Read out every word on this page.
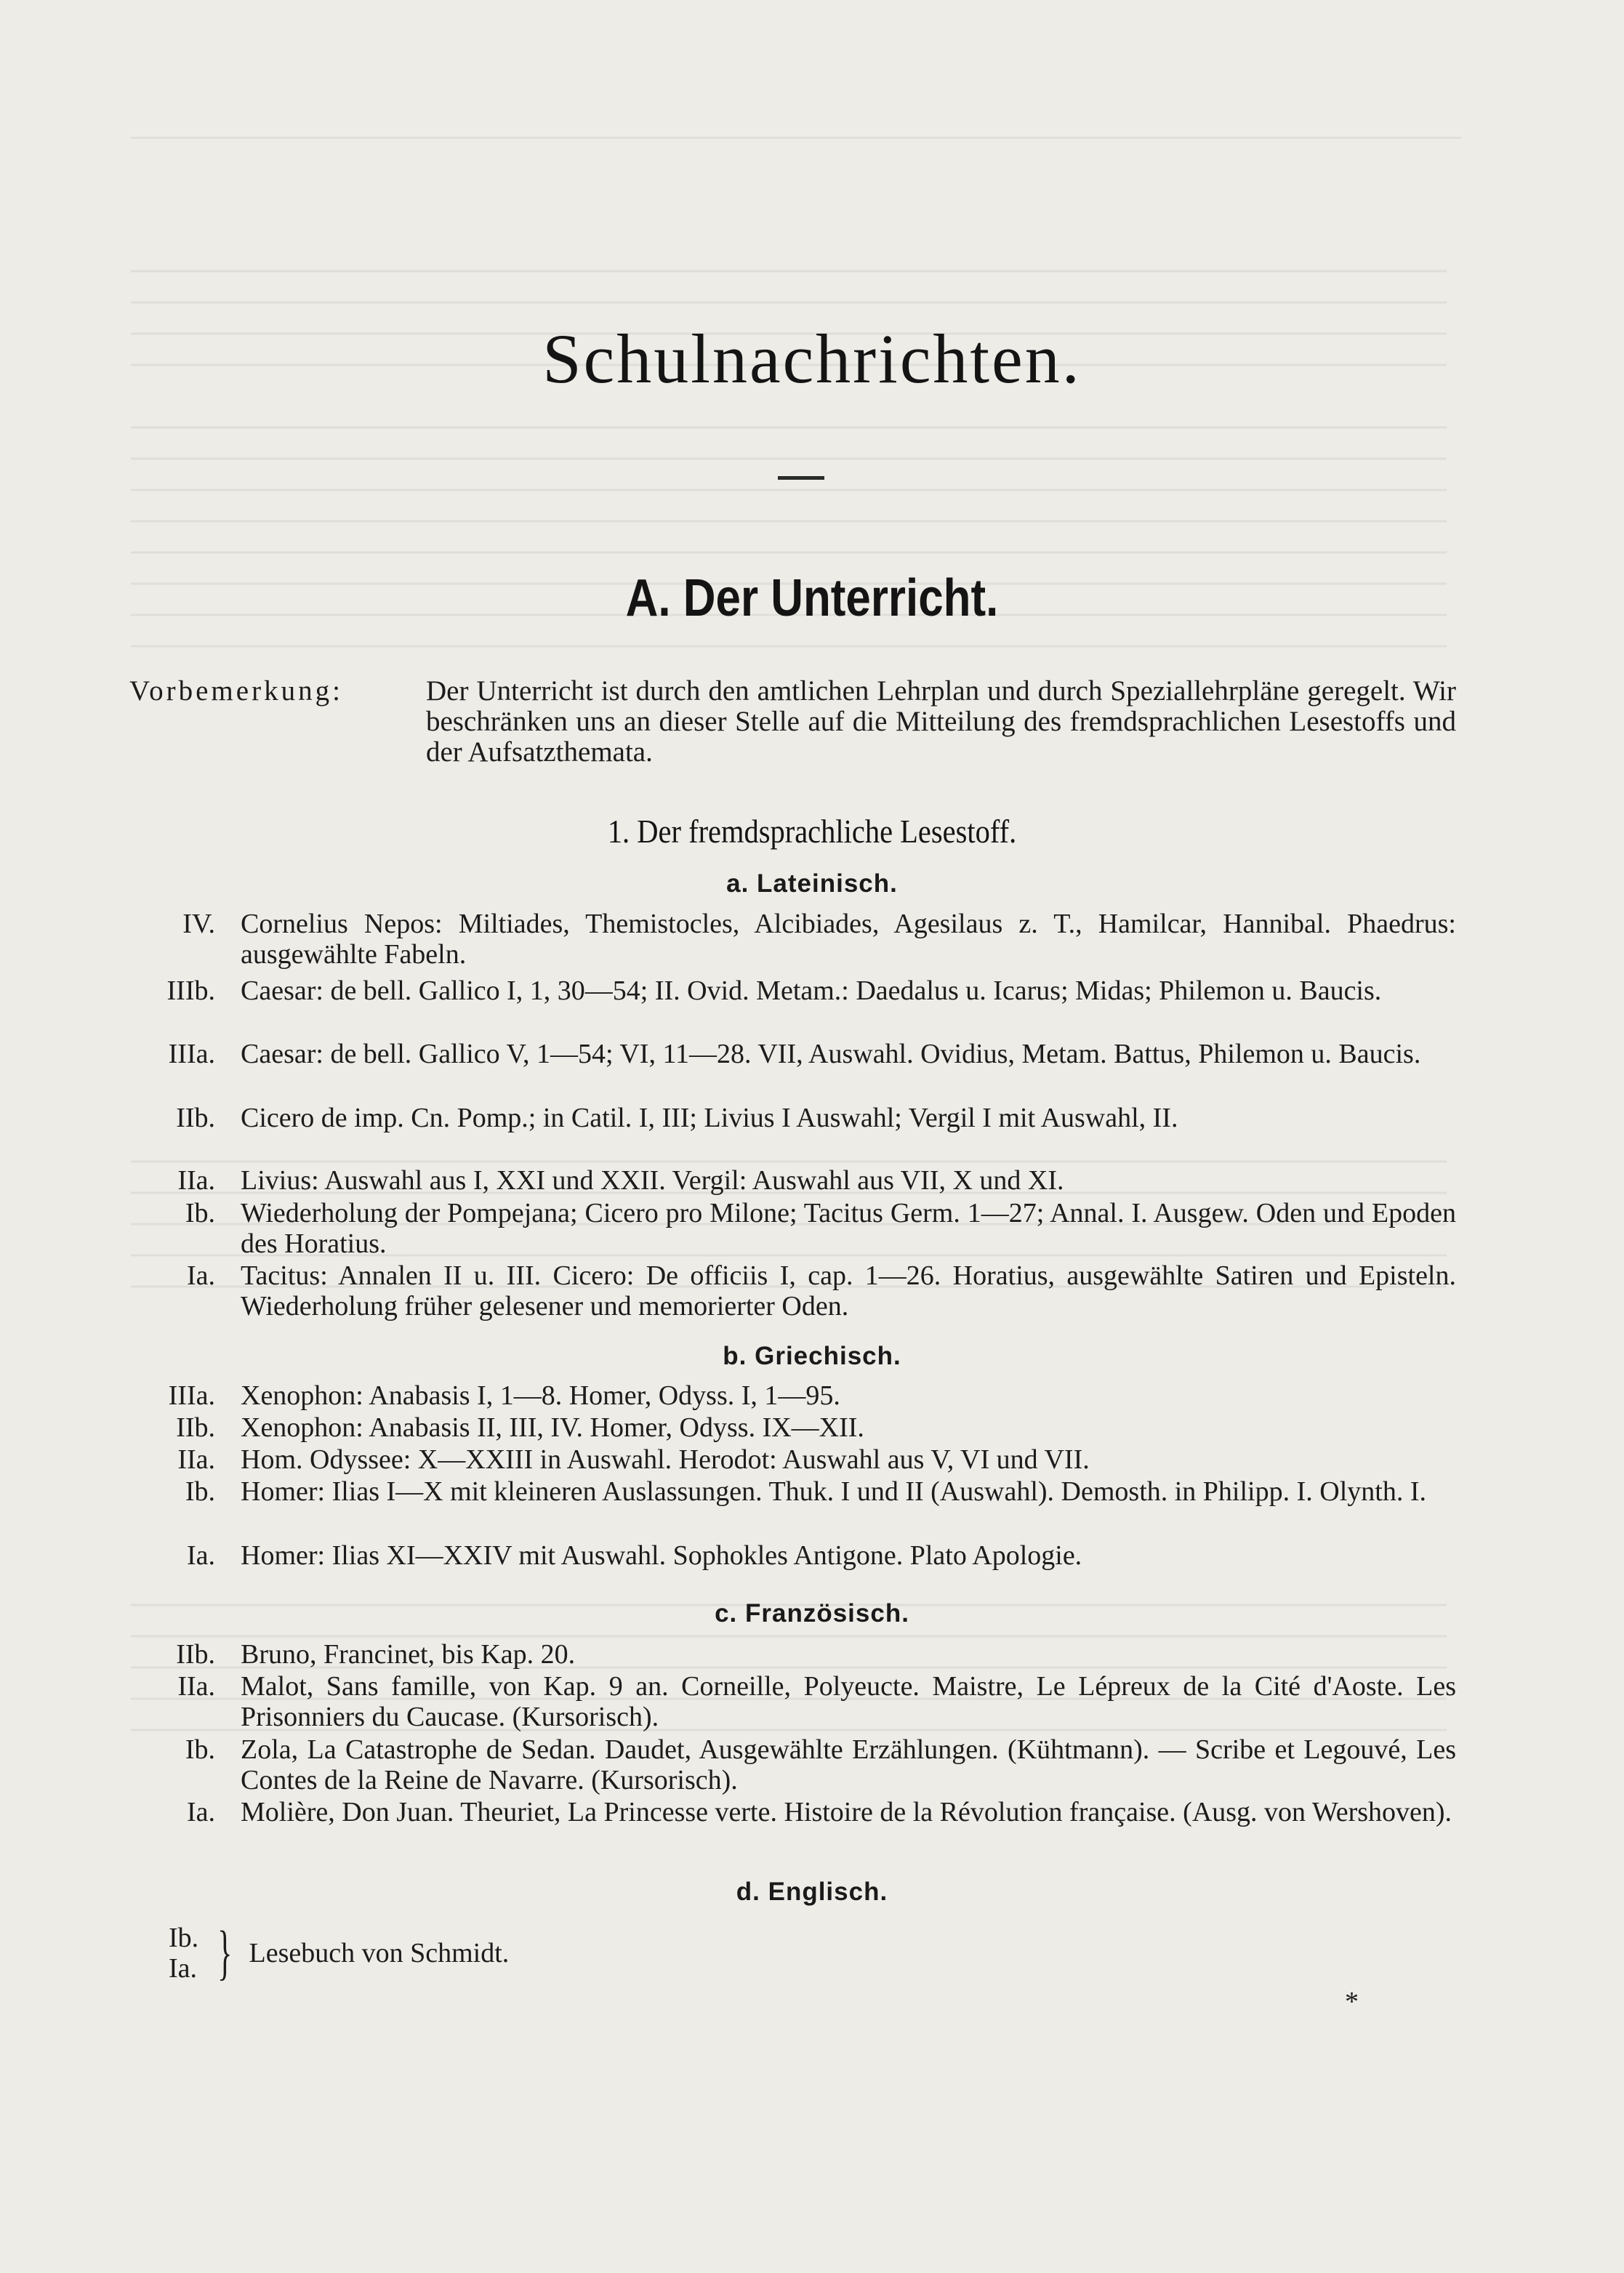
Schulnachrichten.
A. Der Unterricht.
Vorbemerkung:	Der Unterricht ist durch den amtlichen Lehrplan und durch Speziallehrpläne geregelt. Wir beschränken uns an dieser Stelle auf die Mitteilung des fremdsprachlichen Lesestoffs und der Aufsatzthemata.
1. Der fremdsprachliche Lesestoff.
a. Lateinisch.
IV. Cornelius Nepos: Miltiades, Themistocles, Alcibiades, Agesilaus z. T., Hamilcar, Hannibal. Phaedrus: ausgewählte Fabeln.
IIIb. Caesar: de bell. Gallico I, 1, 30—54; II. Ovid. Metam.: Daedalus u. Icarus; Midas; Philemon u. Baucis.
IIIa. Caesar: de bell. Gallico V, 1—54; VI, 11—28. VII, Auswahl. Ovidius, Metam. Battus, Philemon u. Baucis.
IIb. Cicero de imp. Cn. Pomp.; in Catil. I, III; Livius I Auswahl; Vergil I mit Auswahl, II.
IIa. Livius: Auswahl aus I, XXI und XXII. Vergil: Auswahl aus VII, X und XI.
Ib. Wiederholung der Pompejana; Cicero pro Milone; Tacitus Germ. 1—27; Annal. I. Ausgew. Oden und Epoden des Horatius.
Ia. Tacitus: Annalen II u. III. Cicero: De officiis I, cap. 1—26. Horatius, ausgewählte Satiren und Episteln. Wiederholung früher gelesener und memorierter Oden.
b. Griechisch.
IIIa. Xenophon: Anabasis I, 1—8. Homer, Odyss. I, 1—95.
IIb. Xenophon: Anabasis II, III, IV. Homer, Odyss. IX—XII.
IIa. Hom. Odyssee: X—XXIII in Auswahl. Herodot: Auswahl aus V, VI und VII.
Ib. Homer: Ilias I—X mit kleineren Auslassungen. Thuk. I und II (Auswahl). Demosth. in Philipp. I. Olynth. I.
Ia. Homer: Ilias XI—XXIV mit Auswahl. Sophokles Antigone. Plato Apologie.
c. Französisch.
IIb. Bruno, Francinet, bis Kap. 20.
IIa. Malot, Sans famille, von Kap. 9 an. Corneille, Polyeucte. Maistre, Le Lépreux de la Cité d'Aoste. Les Prisonniers du Caucase. (Kursorisch).
Ib. Zola, La Catastrophe de Sedan. Daudet, Ausgewählte Erzählungen. (Kühtmann). — Scribe et Legouvé, Les Contes de la Reine de Navarre. (Kursorisch).
Ia. Molière, Don Juan. Theuriet, La Princesse verte. Histoire de la Révolution française. (Ausg. von Wershoven).
d. Englisch.
Ib.
Ia. } Lesebuch von Schmidt.
*
